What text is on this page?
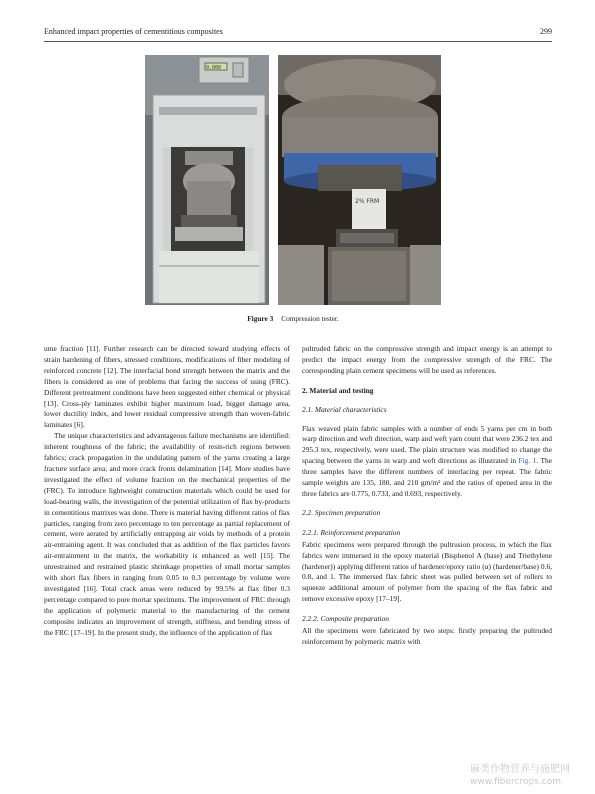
Enhanced impact properties of cementitious composites	299
0.000
2% FRM
Figure 3 Compression tester.

ume fraction [11]. Further research can be directed toward studying effects of strain hardening of fibers, stressed conditions, modifications of fiber modeling of reinforced concrete [12]. The interfacial bond strength between the matrix and the fibers is considered as one of problems that facing the success of using (FRC). Different pretreatment conditions have been suggested either chemical or physical [13]. Cross-ply laminates exhibit higher maximum load, bigger damage area, lower ductility index, and lower residual compressive strength than woven-fabric laminates [6].

The unique characteristics and advantageous failure mechanisms are identified: inherent roughness of the fabric; the availability of resin-rich regions between fabrics; crack propagation in the undulating pattern of the yarns creating a large fracture surface area; and more crack fronts delamination [14]. More studies have investigated the effect of volume fraction on the mechanical properties of the (FRC). To introduce lightweight construction materials which could be used for load-bearing walls, the investigation of the potential utilization of flax by-products in cementitious matrixes was done. There is material having different ratios of flax particles, ranging from zero percentage to ten percentage as partial replacement of cement, were aerated by artificially entrapping air voids by methods of a protein air-entraining agent. It was concluded that as addition of the flax particles favors air-entrainment in the matrix, the workability is enhanced as well [15]. The unrestrained and restrained plastic shrinkage properties of small mortar samples with short flax fibers in ranging from 0.05 to 0.3 percentage by volume were investigated [16]. Total crack areas were reduced by 99.5% at flax fiber 0.3 percentage compared to pure mortar specimens. The improvement of FRC through the application of polymeric material to the manufacturing of the cement composite indicates an improvement of strength, stiffness, and bending stress of the FRC [17–19]. In the present study, the influence of the application of flax

pultruded fabric on the compressive strength and impact energy is an attempt to predict the impact energy from the compressive strength of the FRC. The corresponding plain cement specimens will be used as references.

2. Material and testing
2.1. Material characteristics

Flax weaved plain fabric samples with a number of ends 5 yarns per cm in both warp direction and weft direction, warp and weft yarn count that were 236.2 tex and 295.3 tex, respectively, were used. The plain structure was modified to change the spacing between the yarns in warp and weft directions as illustrated in Fig. 1. The three samples have the different numbers of interlacing per repeat. The fabric sample weights are 135, 180, and 210 gm/m² and the ratios of opened area in the three fabrics are 0.775, 0.733, and 0.693, respectively.

2.2. Specimen preparation
2.2.1. Reinforcement preparation

Fabric specimens were prepared through the pultrusion process, in which the flax fabrics were immersed in the epoxy material (Bisphenol A (base) and Triethylene (hardener)) applying different ratios of hardener/epoxy ratio (α) (hardener/base) 0.6, 0.8, and 1. The immersed flax fabric sheet was pulled between set of rollers to squeeze additional amount of polymer from the spacing of the flax fabric and remove excessive epoxy [17–19].

2.2.2. Composite preparation

All the specimens were fabricated by two steps: firstly preparing the pultruded reinforcement by polymeric matrix with

麻类作物营养与施肥网
www.fibercrops.com
